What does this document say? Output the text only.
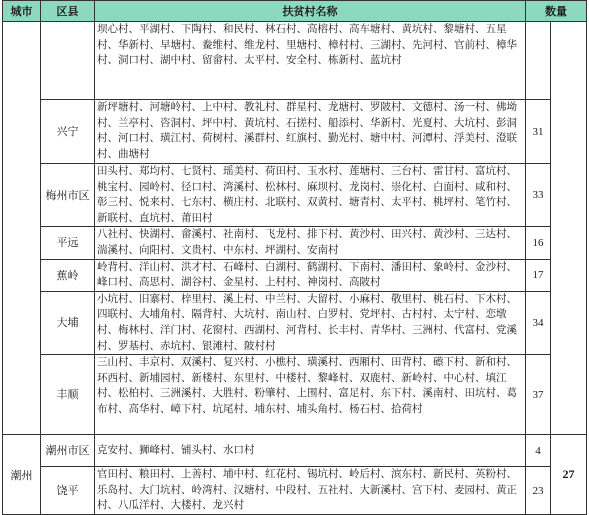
城市	区县	扶贫村名称	数量	
		坝心村、平湖村、下陶村、和民村、林石村、高榕村、高车塘村、黄坑村、黎塘村、五星村、华新村、早塘村、鲞维村、维龙村、里塘村、樟村村、三湖村、先河村、官前村、樟华村、洞口村、湖中村、留畲村、太平村、安全村、栋新村、蓝坑村		
	兴宁	新坪塘村、河塘岭村、上中村、教礼村、群星村、龙塘村、罗陂村、文德村、汤一村、佛坳村、兰亭村、咨洞村、坪中村、黄坑村、石搓村、船添村、华新村、光夏村、大坑村、彭洞村、河口村、璜江村、荷树村、溪群村、红旗村、勤光村、塘中村、河潭村、浮美村、澄联村、曲塘村	31	
	梅州市区	田头村、郑均村、七贤村、瑶美村、荷田村、玉水村、莲塘村、三台村、雷甘村、富坑村、桃宝村、园岭村、径口村、湾溪村、松林村、麻坝村、龙岗村、崇化村、白面村、咸和村、彰三村、悦来村、七东村、横庄村、北联村、双黄村、塘青村、太平村、桃坪村、笔竹村、新联村、直坑村、莆田村	33	
	平远	八社村、快湖村、畲溪村、社南村、飞龙村、排下村、黄沙村、田兴村、黄沙村、三达村、湍溪村、向阳村、文贵村、中东村、坪湖村、安南村	16	
	蕉岭	岭背村、洋山村、洪才村、石峰村、白湖村、鹤湖村、下南村、潘田村、象岭村、金沙村、峰口村、高思村、湖谷村、金星村、上村村、神岗村、高陂村	17	
	大埔	小坑村、旧寨村、梓里村、溪上村、中兰村、大留村、小麻村、敬里村、桃石村、下木村、四联村、大埔角村、隔背村、大坑村、南山村、白罗村、党坪村、古村村、太宁村、恋墩村、梅林村、洋门村、花窗村、西湖村、河背村、长丰村、青华村、三洲村、代富村、党溪村、罗基村、赤坑村、银滩村、陂村村	34	
	丰顺	三山村、丰京村、双溪村、复兴村、小樵村、璜溪村、西厢村、田背村、礤下村、新和村、环西村、新埔园村、新楼村、东里村、中楼村、黎峰村、双鹿村、新岭村、中心村、填江村、松柏村、三洲溪村、大胜村、粉肇村、上围村、富足村、东下村、溪南村、田坑村、葛布村、高华村、嶂下村、坑尾村、埔东村、埔头角村、杨石村、拾荷村	37	
潮州	潮州市区	克安村、狮峰村、铺头村、水口村	4	27
	饶平	官田村、粮田村、上善村、埔中村、红花村、锡坑村、岭后村、滨东村、新民村、英粉村、乐岛村、大门坑村、岭湾村、汉塘村、中段村、五社村、大新溪村、宫下村、麦园村、黄正村、八瓜洋村、大楼村、龙兴村	23	
